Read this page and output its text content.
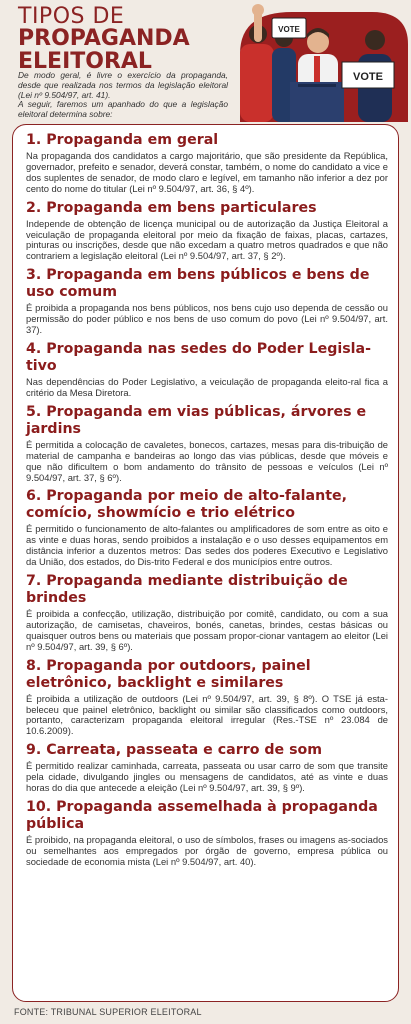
TIPOS DE
PROPAGANDA
ELEITORAL

De modo geral, é livre o exercício da propaganda, desde que realizada nos termos da legislação eleitoral (Lei nº 9.504/97, art. 41).

A seguir, faremos um apanhado do que a legislação eleitoral determina sobre:

VOTE
VOTE
1. Propaganda em geral

Na propaganda dos candidatos a cargo majoritário, que são presidente da República, governador, prefeito e senador, deverá constar, também, o nome do candidato a vice e dos suplentes de senador, de modo claro e legível, em tamanho não inferior a dez por cento do nome do titular (Lei nº 9.504/97, art. 36, § 4º).

2. Propaganda em bens particulares

Independe de obtenção de licença municipal ou de autorização da Justiça Eleitoral a veiculação de propaganda eleitoral por meio da fixação de faixas, placas, cartazes, pinturas ou inscrições, desde que não excedam a quatro metros quadrados e que não contrariem a legislação eleitoral (Lei nº 9.504/97, art. 37, § 2º).

3. Propaganda em bens públicos e bens de uso comum

É proibida a propaganda nos bens públicos, nos bens cujo uso dependa de cessão ou permissão do poder público e nos bens de uso comum do povo (Lei nº 9.504/97, art. 37).

4. Propaganda nas sedes do Poder Legisla-tivo

Nas dependências do Poder Legislativo, a veiculação de propaganda eleito-ral fica a critério da Mesa Diretora.

5. Propaganda em vias públicas, árvores e jardins

É permitida a colocação de cavaletes, bonecos, cartazes, mesas para dis-tribuição de material de campanha e bandeiras ao longo das vias públicas, desde que móveis e que não dificultem o bom andamento do trânsito de pessoas e veículos (Lei nº 9.504/97, art. 37, § 6º).

6. Propaganda por meio de alto-falante, comício, showmício e trio elétrico

É permitido o funcionamento de alto-falantes ou amplificadores de som entre as oito e as vinte e duas horas, sendo proibidos a instalação e o uso desses equipamentos em distância inferior a duzentos metros: Das sedes dos poderes Executivo e Legislativo da União, dos estados, do Dis-trito Federal e dos municípios entre outros.

7. Propaganda mediante distribuição de brindes

É proibida a confecção, utilização, distribuição por comitê, candidato, ou com a sua autorização, de camisetas, chaveiros, bonés, canetas, brindes, cestas básicas ou quaisquer outros bens ou materiais que possam propor-cionar vantagem ao eleitor (Lei nº 9.504/97, art. 39, § 6º).

8. Propaganda por outdoors, painel eletrônico, backlight e similares

É proibida a utilização de outdoors (Lei nº 9.504/97, art. 39, § 8º). O TSE já esta-beleceu que painel eletrônico, backlight ou similar são classificados como outdoors, portanto, caracterizam propaganda eleitoral irregular (Res.-TSE nº 23.084 de 10.6.2009).

9. Carreata, passeata e carro de som

É permitido realizar caminhada, carreata, passeata ou usar carro de som que transite pela cidade, divulgando jingles ou mensagens de candidatos, até as vinte e duas horas do dia que antecede a eleição (Lei nº 9.504/97, art. 39, § 9º).

10. Propaganda assemelhada à propaganda pública

É proibido, na propaganda eleitoral, o uso de símbolos, frases ou imagens as-sociados ou semelhantes aos empregados por órgão de governo, empresa pública ou sociedade de economia mista (Lei nº 9.504/97, art. 40).

FONTE: TRIBUNAL SUPERIOR ELEITORAL
